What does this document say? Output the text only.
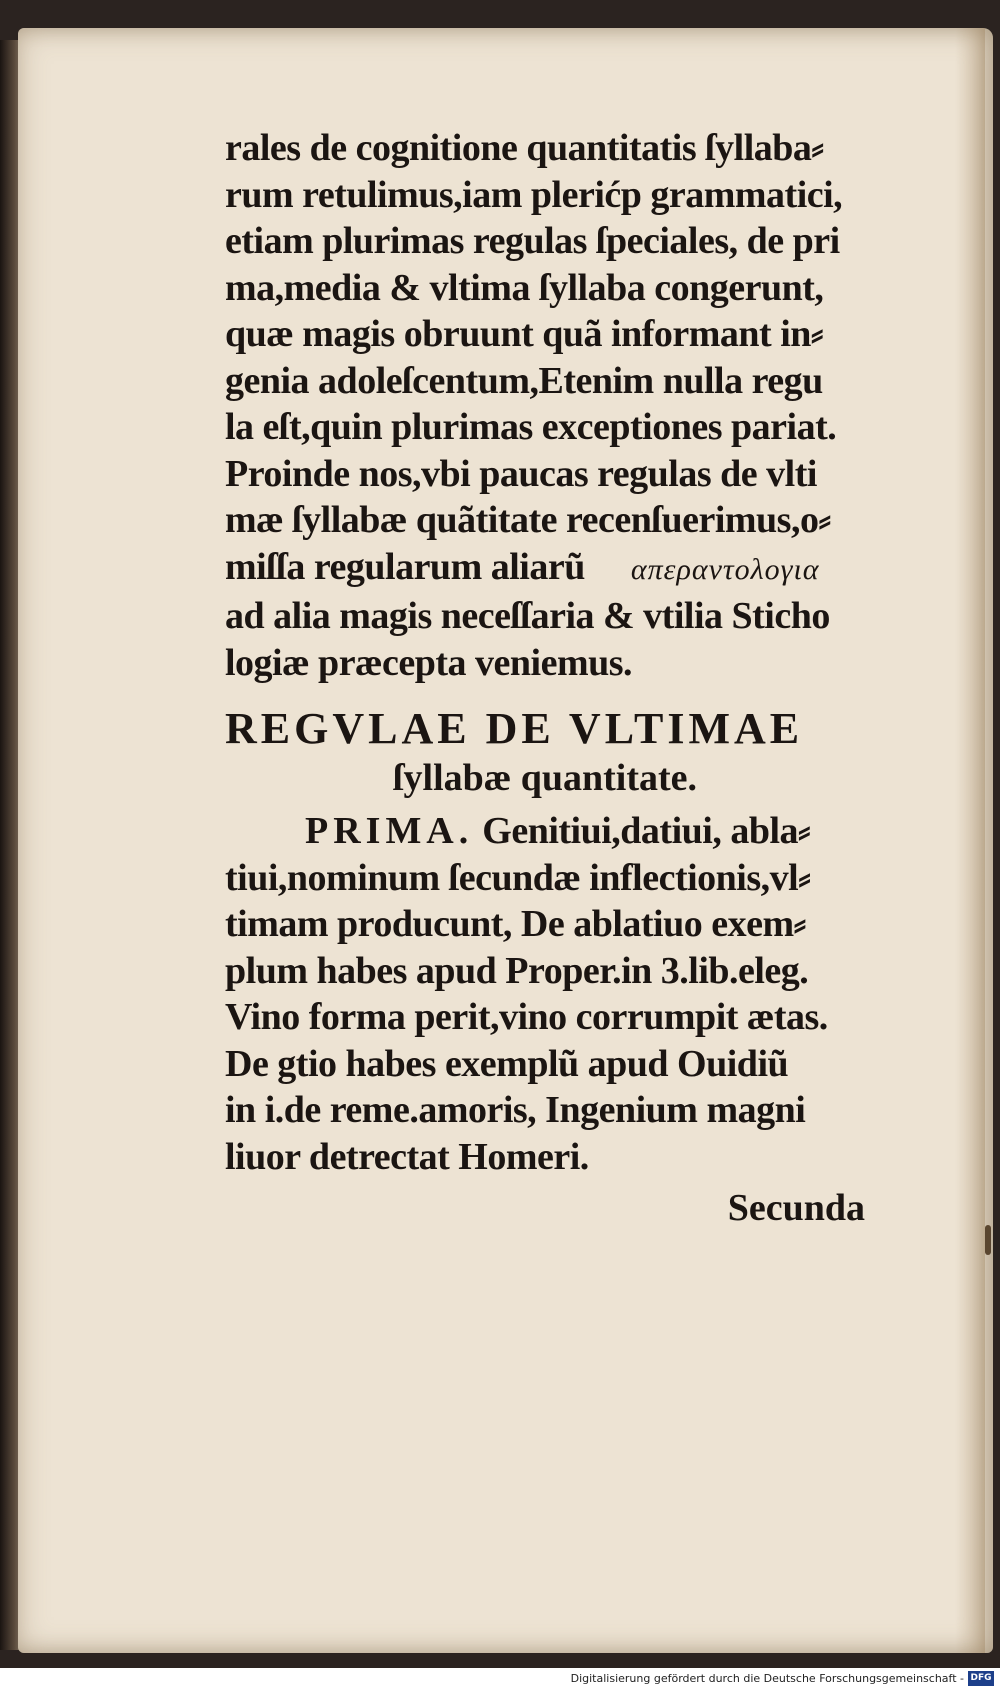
rales de cognitione quantitatis ſyllaba⸗
rum retulimus,iam plerićp grammatici,
etiam plurimas regulas ſpeciales, de pri
ma,media & vltima ſyllaba congerunt,
quæ magis obruunt quã informant in⸗
genia adoleſcentum,Etenim nulla regu
la eſt,quin plurimas exceptiones pariat.
Proinde nos,vbi paucas regulas de vlti
mæ ſyllabæ quãtitate recenſuerimus,o⸗
miſſa regularum aliarũ απεραντολογια
ad alia magis neceſſaria & vtilia Sticho
logiæ præcepta veniemus.
REGVLAE DE VLTIMAE
ſyllabæ quantitate.
PRIMA. Genitiui,datiui, abla⸗
tiui,nominum ſecundæ inflectionis,vl⸗
timam producunt, De ablatiuo exem⸗
plum habes apud Proper.in 3.lib.eleg.
Vino forma perit,vino corrumpit ætas.
De gtio habes exemplũ apud Ouidiũ
in i.de reme.amoris, Ingenium magni
liuor detrectat Homeri.
Secunda
Digitalisierung gefördert durch die Deutsche Forschungsgemeinschaft - DFG
